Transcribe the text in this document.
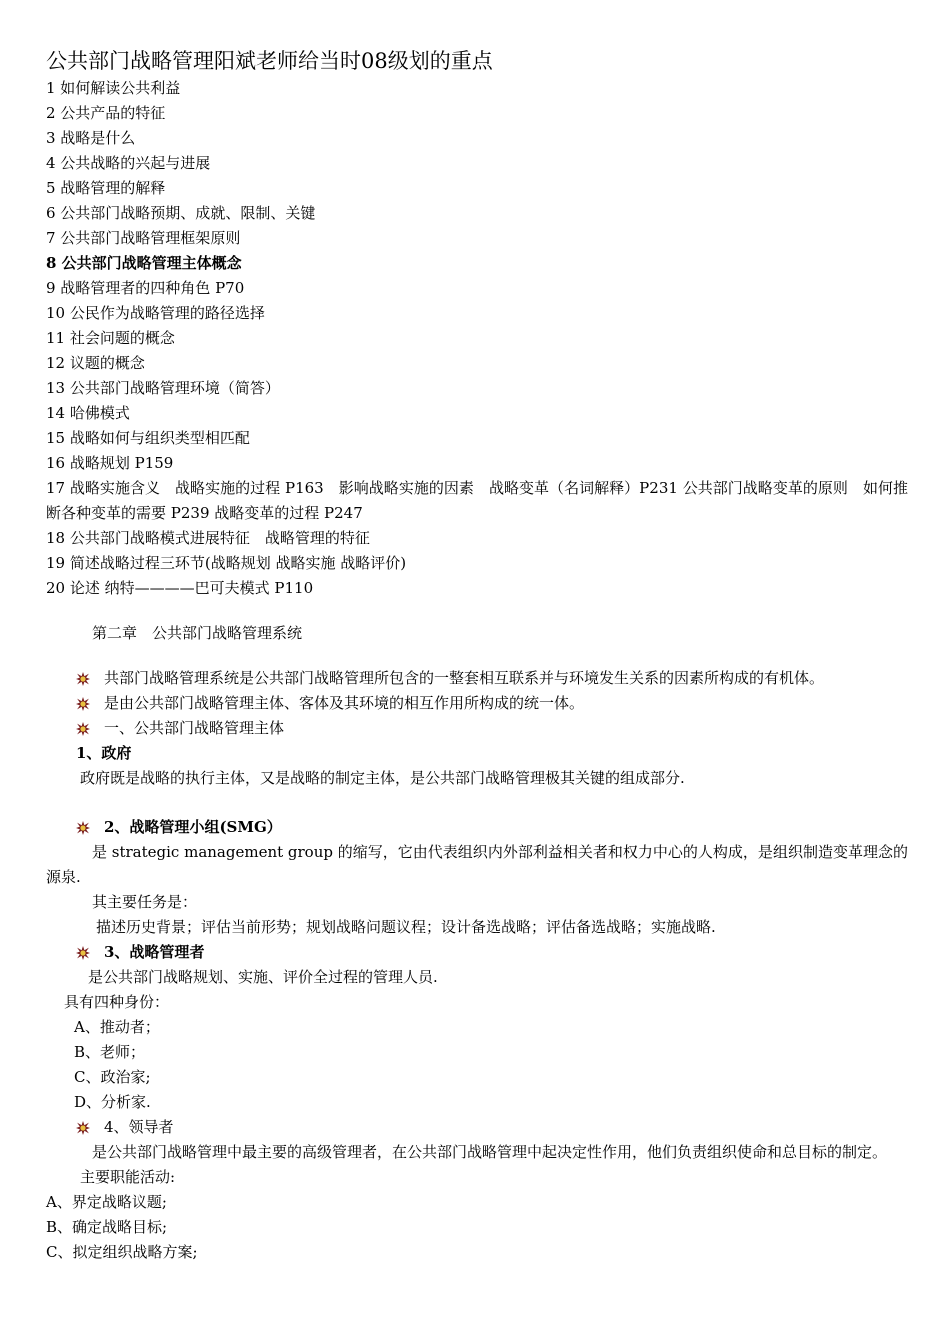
公共部门战略管理阳斌老师给当时08级划的重点

1 如何解读公共利益

2 公共产品的特征

3 战略是什么

4 公共战略的兴起与进展

5 战略管理的解释

6 公共部门战略预期、成就、限制、关键

7 公共部门战略管理框架原则

8 公共部门战略管理主体概念

9 战略管理者的四种角色 P70

10 公民作为战略管理的路径选择

11 社会问题的概念

12 议题的概念

13 公共部门战略管理环境（简答）

14 哈佛模式

15 战略如何与组织类型相匹配

16 战略规划 P159

17 战略实施含义　战略实施的过程 P163　影响战略实施的因素　战略变革（名词解释）P231 公共部门战略变革的原则　如何推断各种变革的需要 P239 战略变革的过程 P247

18 公共部门战略模式进展特征　战略管理的特征

19 简述战略过程三环节(战略规划 战略实施 战略评价)

20 论述 纳特————巴可夫模式 P110

第二章　公共部门战略管理系统

共部门战略管理系统是公共部门战略管理所包含的一整套相互联系并与环境发生关系的因素所构成的有机体。
是由公共部门战略管理主体、客体及其环境的相互作用所构成的统一体。
一、公共部门战略管理主体

1、政府

政府既是战略的执行主体，又是战略的制定主体，是公共部门战略管理极其关键的组成部分.

2、战略管理小组(SMG）

是 strategic management group 的缩写，它由代表组织内外部利益相关者和权力中心的人构成，是组织制造变革理念的源泉.

其主要任务是：

描述历史背景；评估当前形势；规划战略问题议程；设计备选战略；评估备选战略；实施战略.

3、战略管理者

是公共部门战略规划、实施、评价全过程的管理人员.

具有四种身份：

A、推动者；

B、老师；

C、政治家;

D、分析家.

4、领导者

是公共部门战略管理中最主要的高级管理者，在公共部门战略管理中起决定性作用，他们负责组织使命和总目标的制定。

主要职能活动:

A、界定战略议题;

B、确定战略目标;

C、拟定组织战略方案;
